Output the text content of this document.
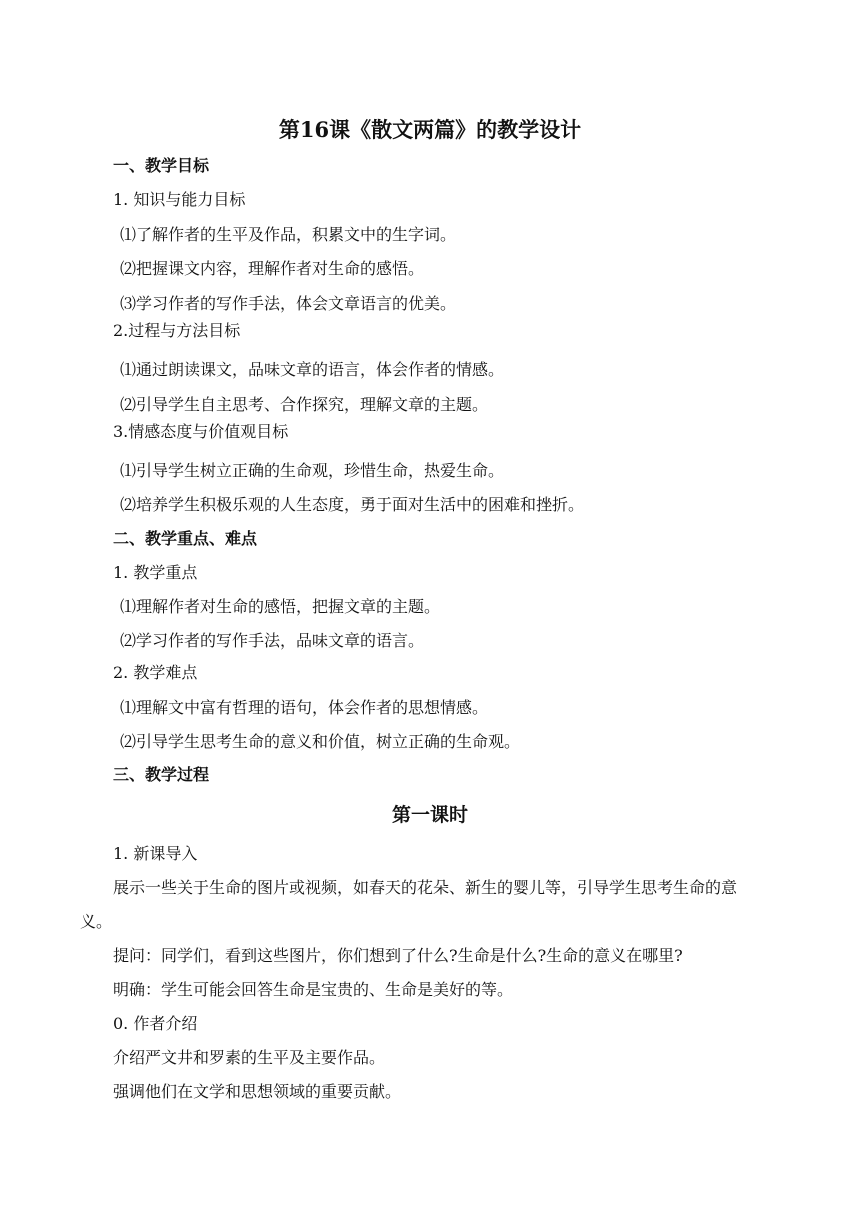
第16课《散文两篇》的教学设计
一、教学目标
1. 知识与能力目标
⑴了解作者的生平及作品，积累文中的生字词。
⑵把握课文内容，理解作者对生命的感悟。
⑶学习作者的写作手法，体会文章语言的优美。
2.过程与方法目标
⑴通过朗读课文，品味文章的语言，体会作者的情感。
⑵引导学生自主思考、合作探究，理解文章的主题。
3.情感态度与价值观目标
⑴引导学生树立正确的生命观，珍惜生命，热爱生命。
⑵培养学生积极乐观的人生态度，勇于面对生活中的困难和挫折。
二、教学重点、难点
1. 教学重点
⑴理解作者对生命的感悟，把握文章的主题。
⑵学习作者的写作手法，品味文章的语言。
2. 教学难点
⑴理解文中富有哲理的语句，体会作者的思想情感。
⑵引导学生思考生命的意义和价值，树立正确的生命观。
三、教学过程
第一课时
1. 新课导入
展示一些关于生命的图片或视频，如春天的花朵、新生的婴儿等，引导学生思考生命的意
义。
提问：同学们，看到这些图片，你们想到了什么?生命是什么?生命的意义在哪里?
明确：学生可能会回答生命是宝贵的、生命是美好的等。
0. 作者介绍
介绍严文井和罗素的生平及主要作品。
强调他们在文学和思想领域的重要贡献。
